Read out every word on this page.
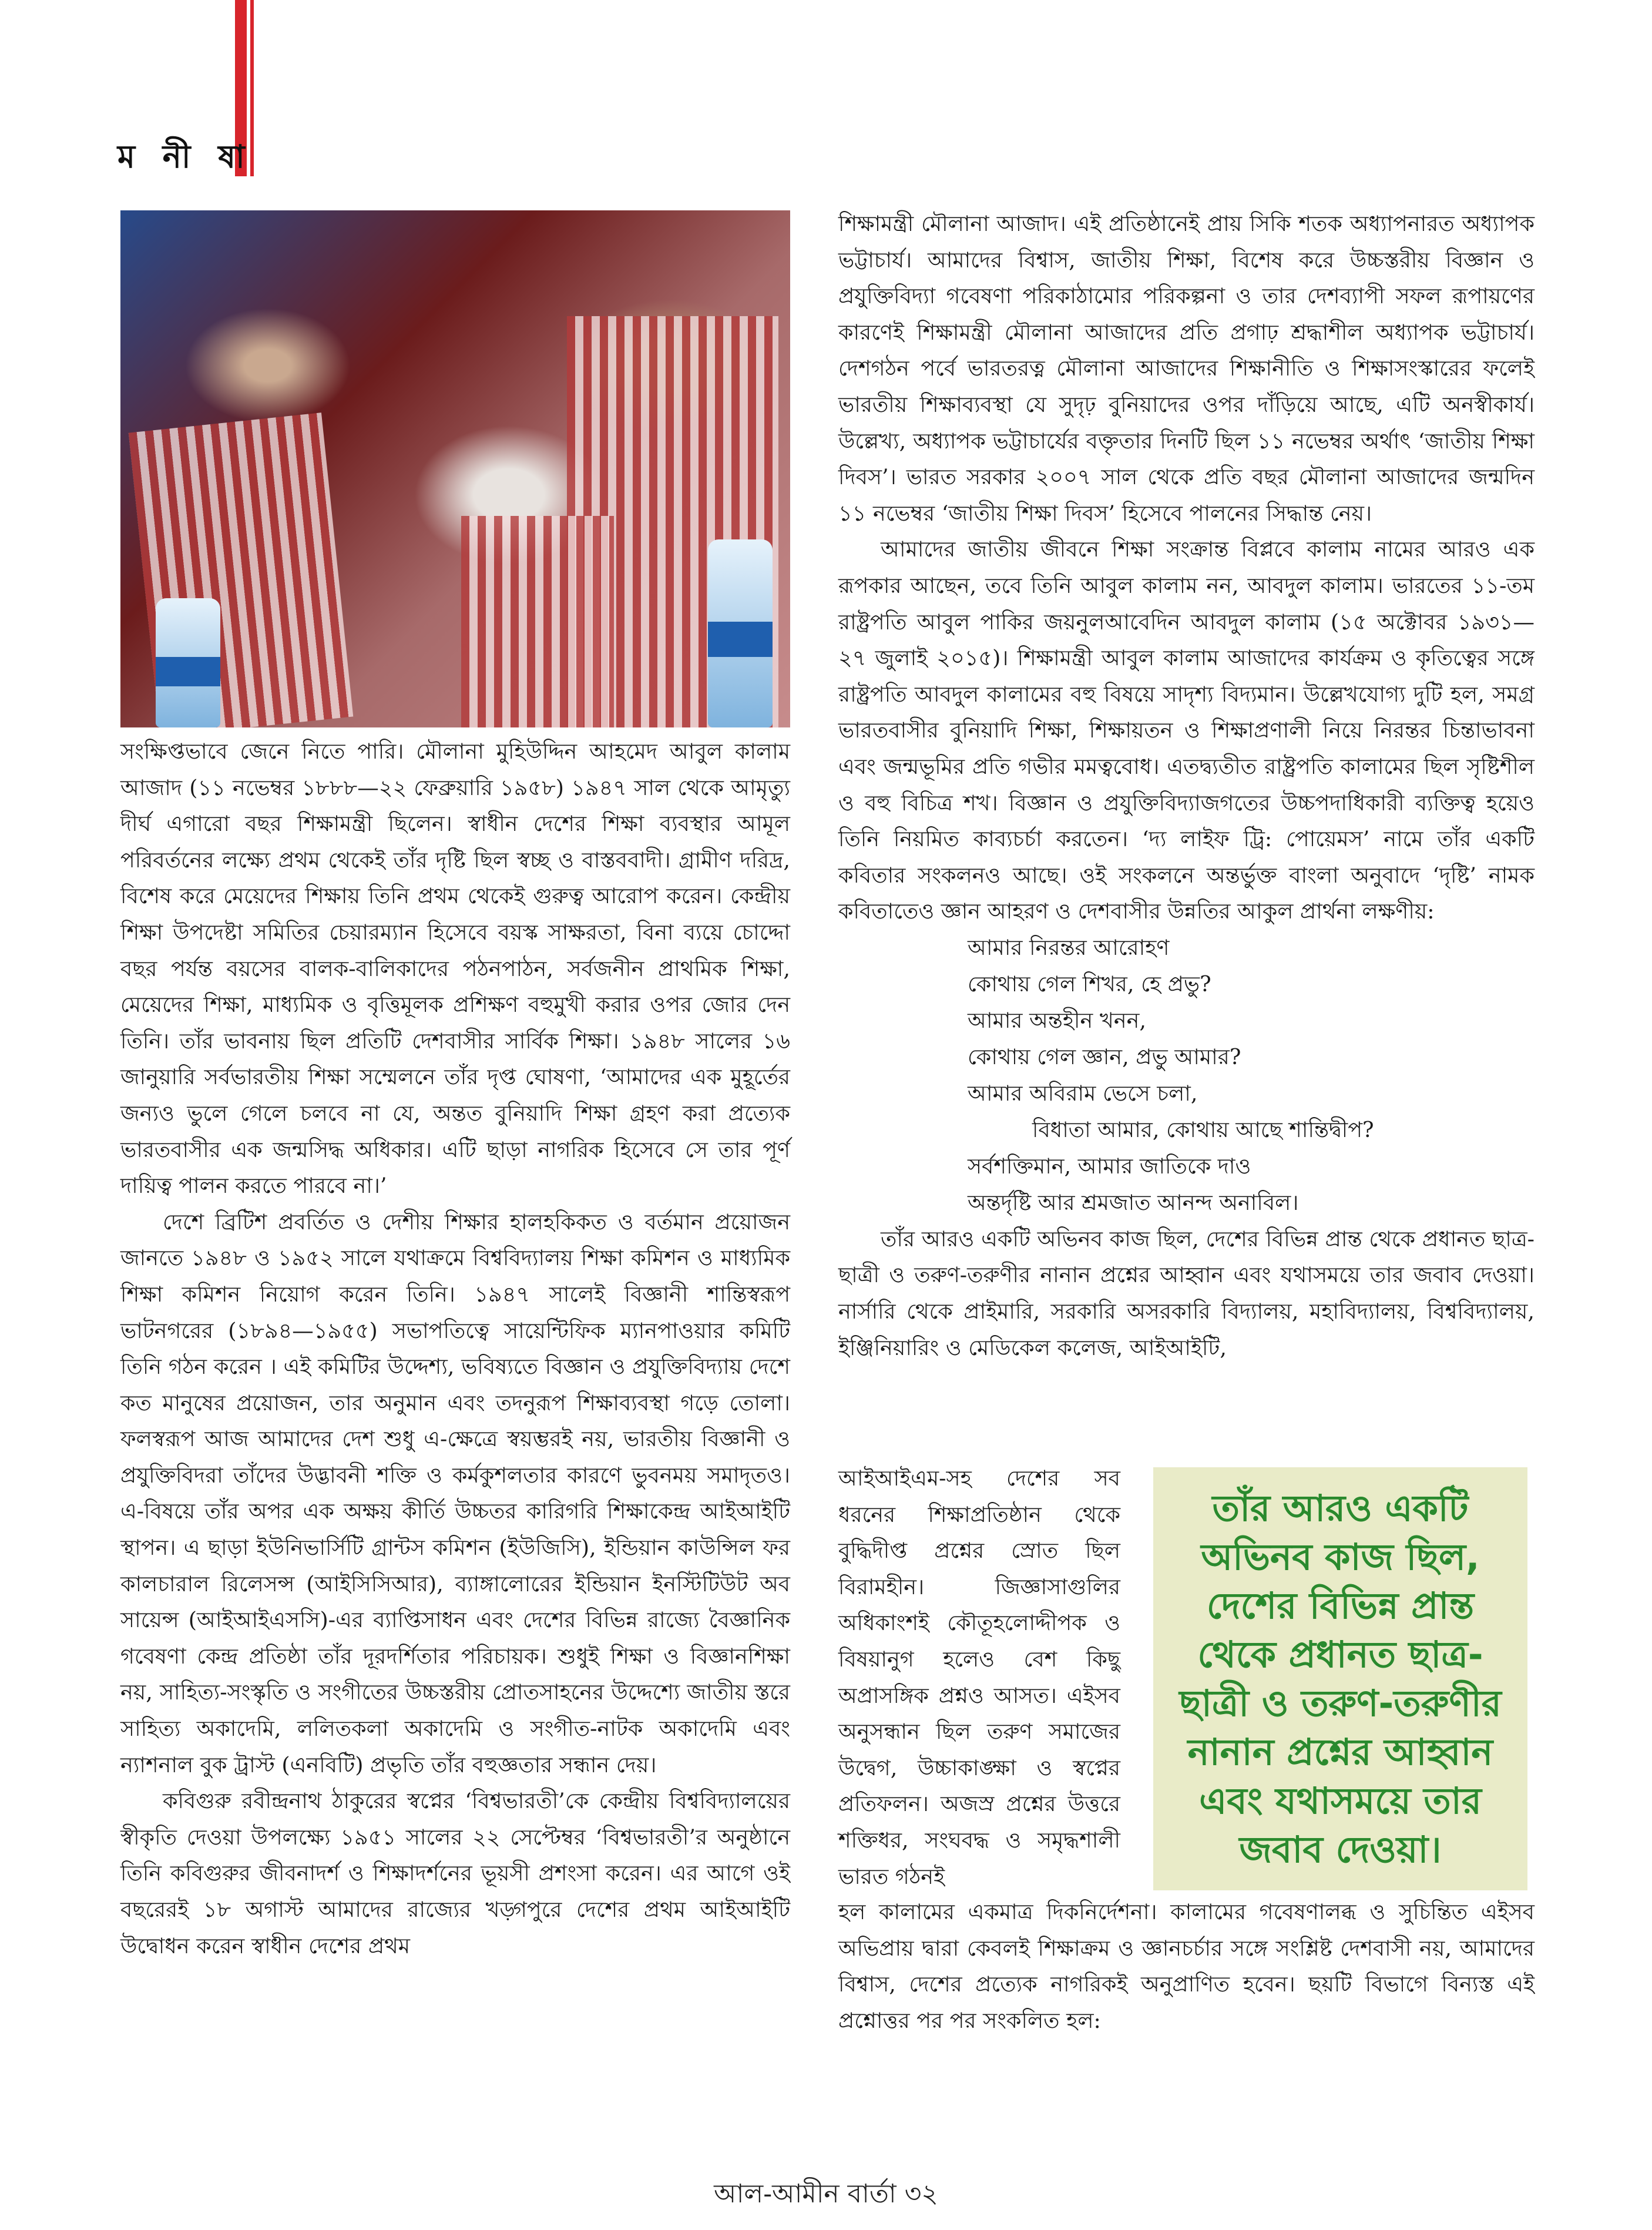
ম নী ষা

সংক্ষিপ্তভাবে জেনে নিতে পারি। মৌলানা মুহিউদ্দিন আহমেদ আবুল কালাম আজাদ (১১ নভেম্বর ১৮৮৮—২২ ফেব্রুয়ারি ১৯৫৮) ১৯৪৭ সাল থেকে আমৃত্যু দীর্ঘ এগারো বছর শিক্ষামন্ত্রী ছিলেন। স্বাধীন দেশের শিক্ষা ব্যবস্থার আমূল পরিবর্তনের লক্ষ্যে প্রথম থেকেই তাঁর দৃষ্টি ছিল স্বচ্ছ ও বাস্তববাদী। গ্রামীণ দরিদ্র, বিশেষ করে মেয়েদের শিক্ষায় তিনি প্রথম থেকেই গুরুত্ব আরোপ করেন। কেন্দ্রীয় শিক্ষা উপদেষ্টা সমিতির চেয়ারম্যান হিসেবে বয়স্ক সাক্ষরতা, বিনা ব্যয়ে চোদ্দো বছর পর্যন্ত বয়সের বালক-বালিকাদের পঠনপাঠন, সর্বজনীন প্রাথমিক শিক্ষা, মেয়েদের শিক্ষা, মাধ্যমিক ও বৃত্তিমূলক প্রশিক্ষণ বহুমুখী করার ওপর জোর দেন তিনি। তাঁর ভাবনায় ছিল প্রতিটি দেশবাসীর সার্বিক শিক্ষা। ১৯৪৮ সালের ১৬ জানুয়ারি সর্বভারতীয় শিক্ষা সম্মেলনে তাঁর দৃপ্ত ঘোষণা, ‘আমাদের এক মুহূর্তের জন্যও ভুলে গেলে চলবে না যে, অন্তত বুনিয়াদি শিক্ষা গ্রহণ করা প্রত্যেক ভারতবাসীর এক জন্মসিদ্ধ অধিকার। এটি ছাড়া নাগরিক হিসেবে সে তার পূর্ণ দায়িত্ব পালন করতে পারবে না।’

দেশে ব্রিটিশ প্রবর্তিত ও দেশীয় শিক্ষার হালহকিকত ও বর্তমান প্রয়োজন জানতে ১৯৪৮ ও ১৯৫২ সালে যথাক্রমে বিশ্ববিদ্যালয় শিক্ষা কমিশন ও মাধ্যমিক শিক্ষা কমিশন নিয়োগ করেন তিনি। ১৯৪৭ সালেই বিজ্ঞানী শান্তিস্বরূপ ভাটনগরের (১৮৯৪—১৯৫৫) সভাপতিত্বে সায়েন্টিফিক ম্যানপাওয়ার কমিটি তিনি গঠন করেন । এই কমিটির উদ্দেশ্য, ভবিষ্যতে বিজ্ঞান ও প্রযুক্তিবিদ্যায় দেশে কত মানুষের প্রয়োজন, তার অনুমান এবং তদনুরূপ শিক্ষাব্যবস্থা গড়ে তোলা। ফলস্বরূপ আজ আমাদের দেশ শুধু এ-ক্ষেত্রে স্বয়ম্ভরই নয়, ভারতীয় বিজ্ঞানী ও প্রযুক্তিবিদরা তাঁদের উদ্ভাবনী শক্তি ও কর্মকুশলতার কারণে ভুবনময় সমাদৃতও। এ-বিষয়ে তাঁর অপর এক অক্ষয় কীর্তি উচ্চতর কারিগরি শিক্ষাকেন্দ্র আইআইটি স্থাপন। এ ছাড়া ইউনিভার্সিটি গ্রান্টস কমিশন (ইউজিসি), ইন্ডিয়ান কাউন্সিল ফর কালচারাল রিলেসন্স (আইসিসিআর), ব্যাঙ্গালোরের ইন্ডিয়ান ইনস্টিটিউট অব সায়েন্স (আইআইএসসি)-এর ব্যাপ্তিসাধন এবং দেশের বিভিন্ন রাজ্যে বৈজ্ঞানিক গবেষণা কেন্দ্র প্রতিষ্ঠা তাঁর দূরদর্শিতার পরিচায়ক। শুধুই শিক্ষা ও বিজ্ঞানশিক্ষা নয়, সাহিত্য-সংস্কৃতি ও সংগীতের উচ্চস্তরীয় প্রোতসাহনের উদ্দেশ্যে জাতীয় স্তরে সাহিত্য অকাদেমি, ললিতকলা অকাদেমি ও সংগীত-নাটক অকাদেমি এবং ন্যাশনাল বুক ট্রাস্ট (এনবিটি) প্রভৃতি তাঁর বহুজ্ঞতার সন্ধান দেয়।

কবিগুরু রবীন্দ্রনাথ ঠাকুরের স্বপ্নের ‘বিশ্বভারতী’কে কেন্দ্রীয় বিশ্ববিদ্যালয়ের স্বীকৃতি দেওয়া উপলক্ষ্যে ১৯৫১ সালের ২২ সেপ্টেম্বর ‘বিশ্বভারতী’র অনুষ্ঠানে তিনি কবিগুরুর জীবনাদর্শ ও শিক্ষাদর্শনের ভূয়সী প্রশংসা করেন। এর আগে ওই বছরেরই ১৮ অগাস্ট আমাদের রাজ্যের খড়্গপুরে দেশের প্রথম আইআইটি উদ্বোধন করেন স্বাধীন দেশের প্রথম

শিক্ষামন্ত্রী মৌলানা আজাদ। এই প্রতিষ্ঠানেই প্রায় সিকি শতক অধ্যাপনারত অধ্যাপক ভট্টাচার্য। আমাদের বিশ্বাস, জাতীয় শিক্ষা, বিশেষ করে উচ্চস্তরীয় বিজ্ঞান ও প্রযুক্তিবিদ্যা গবেষণা পরিকাঠামোর পরিকল্পনা ও তার দেশব্যাপী সফল রূপায়ণের কারণেই শিক্ষামন্ত্রী মৌলানা আজাদের প্রতি প্রগাঢ় শ্রদ্ধাশীল অধ্যাপক ভট্টাচার্য। দেশগঠন পর্বে ভারতরত্ন মৌলানা আজাদের শিক্ষানীতি ও শিক্ষাসংস্কারের ফলেই ভারতীয় শিক্ষাব্যবস্থা যে সুদৃঢ় বুনিয়াদের ওপর দাঁড়িয়ে আছে, এটি অনস্বীকার্য। উল্লেখ্য, অধ্যাপক ভট্টাচার্যের বক্তৃতার দিনটি ছিল ১১ নভেম্বর অর্থাৎ ‘জাতীয় শিক্ষা দিবস’। ভারত সরকার ২০০৭ সাল থেকে প্রতি বছর মৌলানা আজাদের জন্মদিন ১১ নভেম্বর ‘জাতীয় শিক্ষা দিবস’ হিসেবে পালনের সিদ্ধান্ত নেয়।

আমাদের জাতীয় জীবনে শিক্ষা সংক্রান্ত বিপ্লবে কালাম নামের আরও এক রূপকার আছেন, তবে তিনি আবুল কালাম নন, আবদুল কালাম। ভারতের ১১-তম রাষ্ট্রপতি আবুল পাকির জয়নুলআবেদিন আবদুল কালাম (১৫ অক্টোবর ১৯৩১—২৭ জুলাই ২০১৫)। শিক্ষামন্ত্রী আবুল কালাম আজাদের কার্যক্রম ও কৃতিত্বের সঙ্গে রাষ্ট্রপতি আবদুল কালামের বহু বিষয়ে সাদৃশ্য বিদ্যমান। উল্লেখযোগ্য দুটি হল, সমগ্র ভারতবাসীর বুনিয়াদি শিক্ষা, শিক্ষায়তন ও শিক্ষাপ্রণালী নিয়ে নিরন্তর চিন্তাভাবনা এবং জন্মভূমির প্রতি গভীর মমত্ববোধ। এতদ্ব্যতীত রাষ্ট্রপতি কালামের ছিল সৃষ্টিশীল ও বহু বিচিত্র শখ। বিজ্ঞান ও প্রযুক্তিবিদ্যাজগতের উচ্চপদাধিকারী ব্যক্তিত্ব হয়েও তিনি নিয়মিত কাব্যচর্চা করতেন। ‘দ্য লাইফ ট্রি: পোয়েমস’ নামে তাঁর একটি কবিতার সংকলনও আছে। ওই সংকলনে অন্তর্ভুক্ত বাংলা অনুবাদে ‘দৃষ্টি’ নামক কবিতাতেও জ্ঞান আহরণ ও দেশবাসীর উন্নতির আকুল প্রার্থনা লক্ষণীয়:

আমার নিরন্তর আরোহণ
কোথায় গেল শিখর, হে প্রভু?
আমার অন্তহীন খনন,
কোথায় গেল জ্ঞান, প্রভু আমার?
আমার অবিরাম ভেসে চলা,
বিধাতা আমার, কোথায় আছে শান্তিদ্বীপ?
সর্বশক্তিমান, আমার জাতিকে দাও
অন্তর্দৃষ্টি আর শ্রমজাত আনন্দ অনাবিল।

তাঁর আরও একটি অভিনব কাজ ছিল, দেশের বিভিন্ন প্রান্ত থেকে প্রধানত ছাত্র-ছাত্রী ও তরুণ-তরুণীর নানান প্রশ্নের আহ্বান এবং যথাসময়ে তার জবাব দেওয়া। নার্সারি থেকে প্রাইমারি, সরকারি অসরকারি বিদ্যালয়, মহাবিদ্যালয়, বিশ্ববিদ্যালয়, ইঞ্জিনিয়ারিং ও মেডিকেল কলেজ, আইআইটি,

আইআইএম-সহ দেশের সব ধরনের শিক্ষাপ্রতিষ্ঠান থেকে বুদ্ধিদীপ্ত প্রশ্নের স্রোত ছিল বিরামহীন। জিজ্ঞাসাগুলির অধিকাংশই কৌতূহলোদ্দীপক ও বিষয়ানুগ হলেও বেশ কিছু অপ্রাসঙ্গিক প্রশ্নও আসত। এইসব অনুসন্ধান ছিল তরুণ সমাজের উদ্বেগ, উচ্চাকাঙ্ক্ষা ও স্বপ্নের প্রতিফলন। অজস্র প্রশ্নের উত্তরে শক্তিধর, সংঘবদ্ধ ও সমৃদ্ধশালী ভারত গঠনই

তাঁর আরও একটি অভিনব কাজ ছিল, দেশের বিভিন্ন প্রান্ত থেকে প্রধানত ছাত্র-ছাত্রী ও তরুণ-তরুণীর নানান প্রশ্নের আহ্বান এবং যথাসময়ে তার জবাব দেওয়া।

হল কালামের একমাত্র দিকনির্দেশনা। কালামের গবেষণালব্ধ ও সুচিন্তিত এইসব অভিপ্রায় দ্বারা কেবলই শিক্ষাক্রম ও জ্ঞানচর্চার সঙ্গে সংশ্লিষ্ট দেশবাসী নয়, আমাদের বিশ্বাস, দেশের প্রত্যেক নাগরিকই অনুপ্রাণিত হবেন। ছয়টি বিভাগে বিন্যস্ত এই প্রশ্নোত্তর পর পর সংকলিত হল:

আল-আমীন বার্তা ৩২
